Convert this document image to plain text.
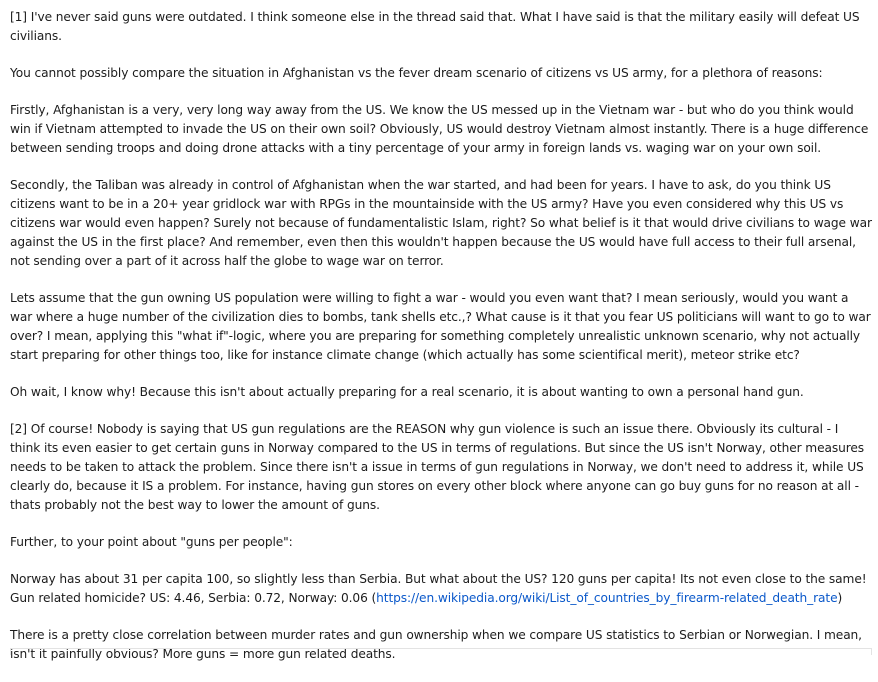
[1] I've never said guns were outdated. I think someone else in the thread said that. What I have said is that the military easily will defeat US civilians.

You cannot possibly compare the situation in Afghanistan vs the fever dream scenario of citizens vs US army, for a plethora of reasons:

Firstly, Afghanistan is a very, very long way away from the US. We know the US messed up in the Vietnam war - but who do you think would win if Vietnam attempted to invade the US on their own soil? Obviously, US would destroy Vietnam almost instantly. There is a huge difference between sending troops and doing drone attacks with a tiny percentage of your army in foreign lands vs. waging war on your own soil.

Secondly, the Taliban was already in control of Afghanistan when the war started, and had been for years. I have to ask, do you think US citizens want to be in a 20+ year gridlock war with RPGs in the mountainside with the US army? Have you even considered why this US vs citizens war would even happen? Surely not because of fundamentalistic Islam, right? So what belief is it that would drive civilians to wage war against the US in the first place? And remember, even then this wouldn't happen because the US would have full access to their full arsenal, not sending over a part of it across half the globe to wage war on terror.

Lets assume that the gun owning US population were willing to fight a war - would you even want that? I mean seriously, would you want a war where a huge number of the civilization dies to bombs, tank shells etc.,? What cause is it that you fear US politicians will want to go to war over? I mean, applying this "what if"-logic, where you are preparing for something completely unrealistic unknown scenario, why not actually start preparing for other things too, like for instance climate change (which actually has some scientifical merit), meteor strike etc?

Oh wait, I know why! Because this isn't about actually preparing for a real scenario, it is about wanting to own a personal hand gun.

[2] Of course! Nobody is saying that US gun regulations are the REASON why gun violence is such an issue there. Obviously its cultural - I think its even easier to get certain guns in Norway compared to the US in terms of regulations. But since the US isn't Norway, other measures needs to be taken to attack the problem. Since there isn't a issue in terms of gun regulations in Norway, we don't need to address it, while US clearly do, because it IS a problem. For instance, having gun stores on every other block where anyone can go buy guns for no reason at all - thats probably not the best way to lower the amount of guns.

Further, to your point about "guns per people":

Norway has about 31 per capita 100, so slightly less than Serbia. But what about the US? 120 guns per capita! Its not even close to the same! Gun related homicide? US: 4.46, Serbia: 0.72, Norway: 0.06 (https://en.wikipedia.org/wiki/List_of_countries_by_firearm-related_death_rate)

There is a pretty close correlation between murder rates and gun ownership when we compare US statistics to Serbian or Norwegian. I mean, isn't it painfully obvious? More guns = more gun related deaths.
